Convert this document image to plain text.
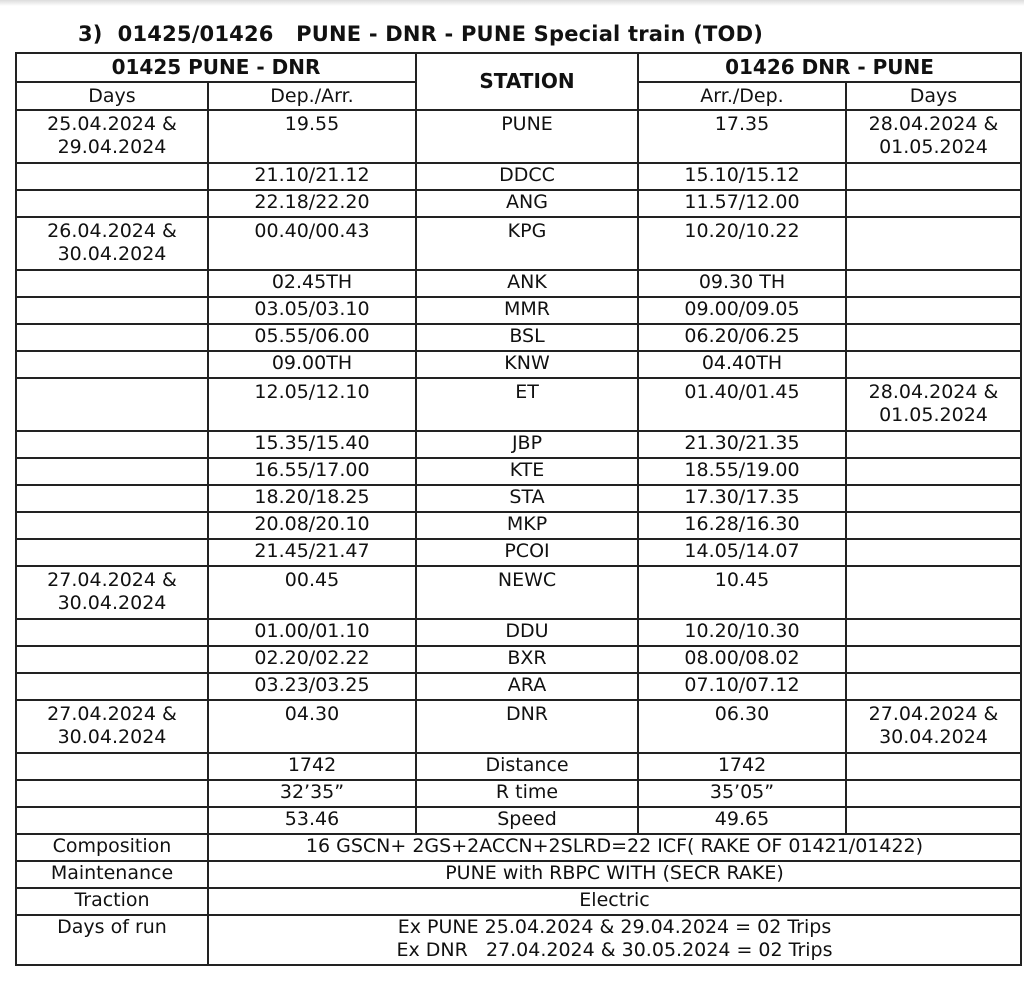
3)  01425/01426   PUNE - DNR - PUNE Special train (TOD)
01425 PUNE - DNR		STATION	01426 DNR - PUNE	
Days	Dep./Arr.		Arr./Dep.	Days

25.04.2024 &
29.04.2024	19.55	PUNE	17.35	28.04.2024 &
01.05.2024

	21.10/21.12	DDCC	15.10/15.12	

	22.18/22.20	ANG	11.57/12.00	

26.04.2024 &
30.04.2024	00.40/00.43	KPG	10.20/10.22	

	02.45TH	ANK	09.30 TH	

	03.05/03.10	MMR	09.00/09.05	

	05.55/06.00	BSL	06.20/06.25	

	09.00TH	KNW	04.40TH	

	12.05/12.10	ET	01.40/01.45	28.04.2024 &
01.05.2024

	15.35/15.40	JBP	21.30/21.35	

	16.55/17.00	KTE	18.55/19.00	

	18.20/18.25	STA	17.30/17.35	

	20.08/20.10	MKP	16.28/16.30	

	21.45/21.47	PCOI	14.05/14.07	

27.04.2024 &
30.04.2024	00.45	NEWC	10.45	

	01.00/01.10	DDU	10.20/10.30	

	02.20/02.22	BXR	08.00/08.02	

	03.23/03.25	ARA	07.10/07.12	

27.04.2024 &
30.04.2024	04.30	DNR	06.30	27.04.2024 &
30.04.2024

	1742	Distance	1742	

	32’35”	R time	35’05”	

	53.46	Speed	49.65	

Composition	16 GSCN+ 2GS+2ACCN+2SLRD=22 ICF( RAKE OF 01421/01422)			

Maintenance	PUNE with RBPC WITH (SECR RAKE)			

Traction	Electric			

Days of run	Ex PUNE 25.04.2024 & 29.04.2024 = 02 Trips
Ex DNR   27.04.2024 & 30.05.2024 = 02 Trips			
